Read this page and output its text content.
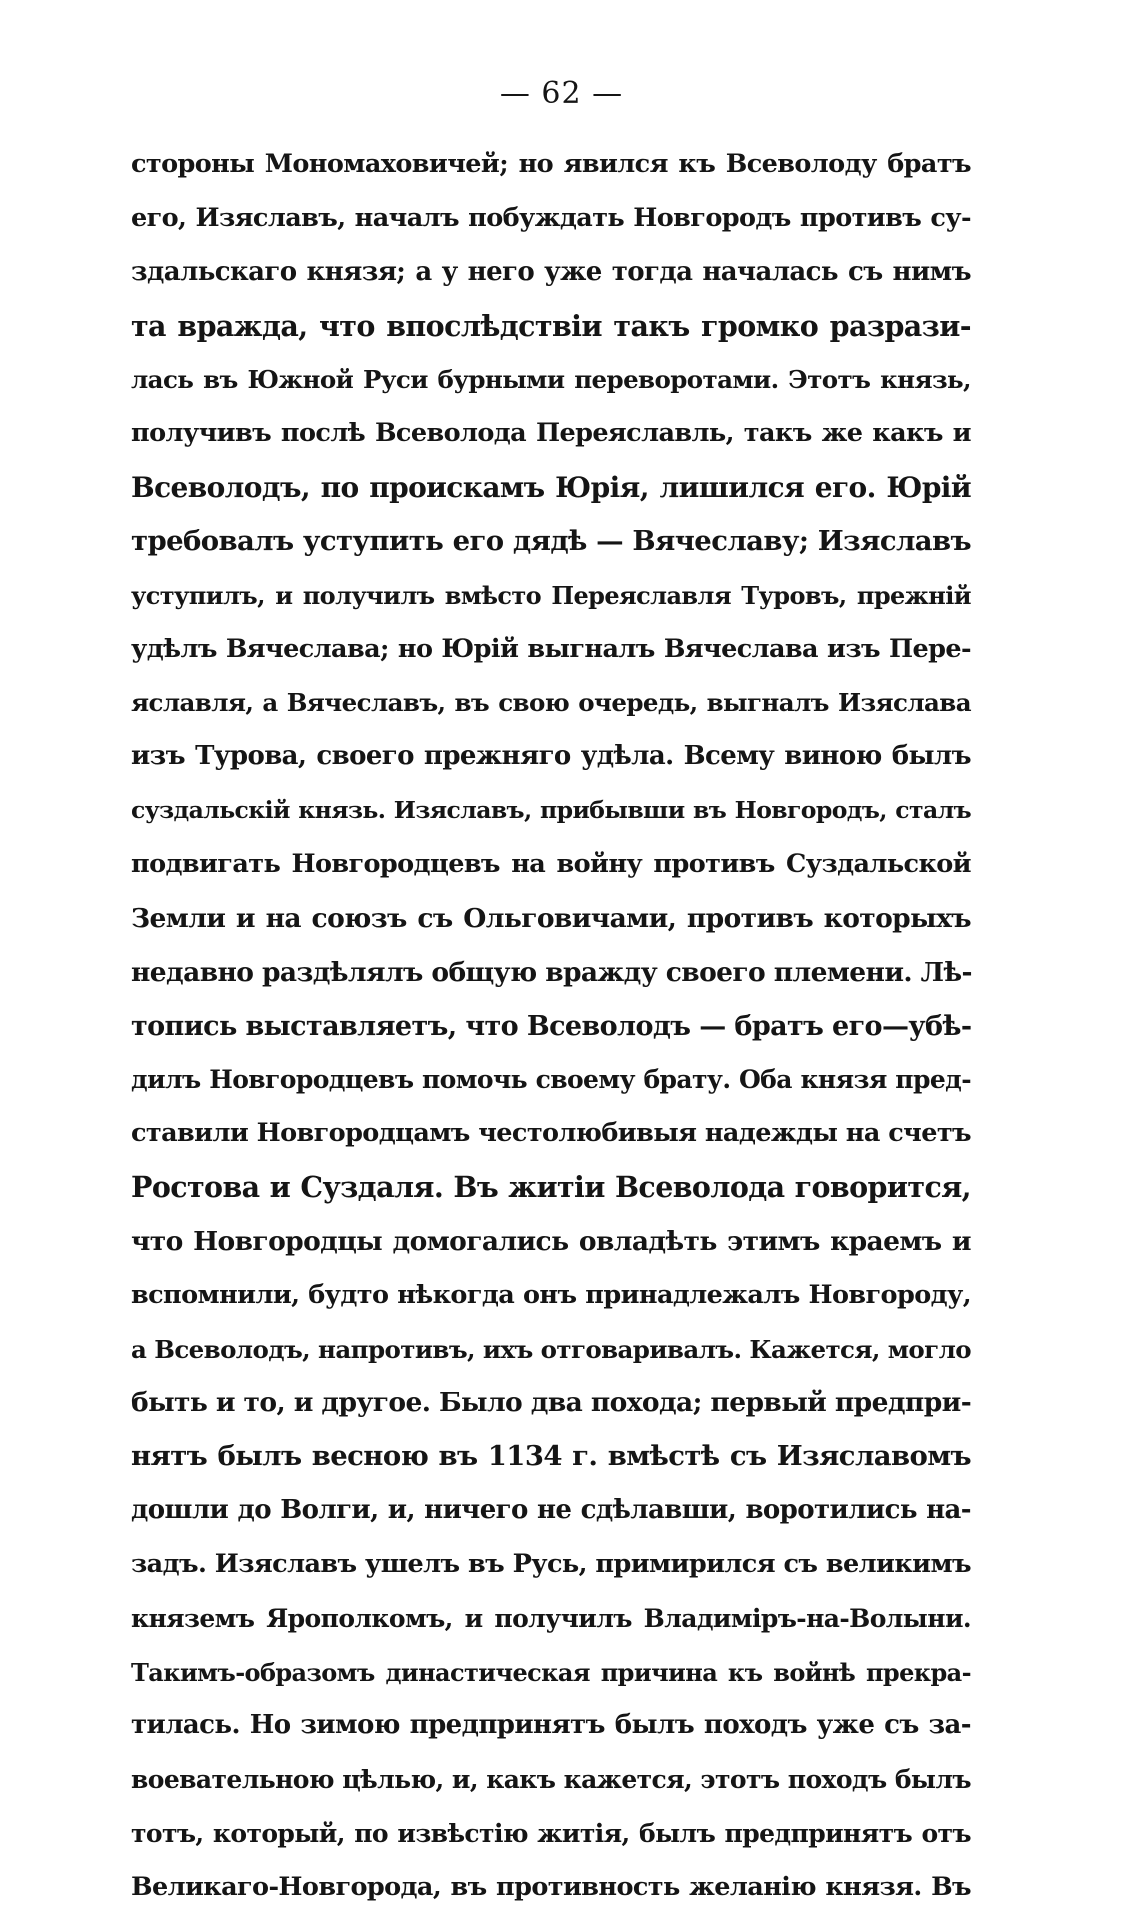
— 62 —
стороны Мономаховичей; но явился къ Всеволоду братъ
его, Изяславъ, началъ побуждать Новгородъ противъ су-
здальскаго князя; а у него уже тогда началась съ нимъ
та вражда, что впослѣдствіи такъ громко разрази-
лась въ Южной Руси бурными переворотами. Этотъ князь,
получивъ послѣ Всеволода Переяславль, такъ же какъ и
Всеволодъ, по проискамъ Юрія, лишился его. Юрій
требовалъ уступить его дядѣ — Вячеславу; Изяславъ
уступилъ, и получилъ вмѣсто Переяславля Туровъ, прежній
удѣлъ Вячеслава; но Юрій выгналъ Вячеслава изъ Пере-
яславля, а Вячеславъ, въ свою очередь, выгналъ Изяслава
изъ Турова, своего прежняго удѣла. Всему виною былъ
суздальскій князь. Изяславъ, прибывши въ Новгородъ, сталъ
подвигать Новгородцевъ на войну противъ Суздальской
Земли и на союзъ съ Ольговичами, противъ которыхъ
недавно раздѣлялъ общую вражду своего племени. Лѣ-
топись выставляетъ, что Всеволодъ — братъ его—убѣ-
дилъ Новгородцевъ помочь своему брату. Оба князя пред-
ставили Новгородцамъ честолюбивыя надежды на счетъ
Ростова и Суздаля. Въ житіи Всеволода говорится,
что Новгородцы домогались овладѣть этимъ краемъ и
вспомнили, будто нѣкогда онъ принадлежалъ Новгороду,
а Всеволодъ, напротивъ, ихъ отговаривалъ. Кажется, могло
быть и то, и другое. Было два похода; первый предпри-
нятъ былъ весною въ 1134 г. вмѣстѣ съ Изяславомъ
дошли до Волги, и, ничего не сдѣлавши, воротились на-
задъ. Изяславъ ушелъ въ Русь, примирился съ великимъ
княземъ Ярополкомъ, и получилъ Владиміръ-на-Волыни.
Такимъ-образомъ династическая причина къ войнѣ прекра-
тилась. Но зимою предпринятъ былъ походъ уже съ за-
воевательною цѣлью, и, какъ кажется, этотъ походъ былъ
тотъ, который, по извѣстію житія, былъ предпринятъ отъ
Великаго-Новгорода, въ противность желанію князя. Въ
